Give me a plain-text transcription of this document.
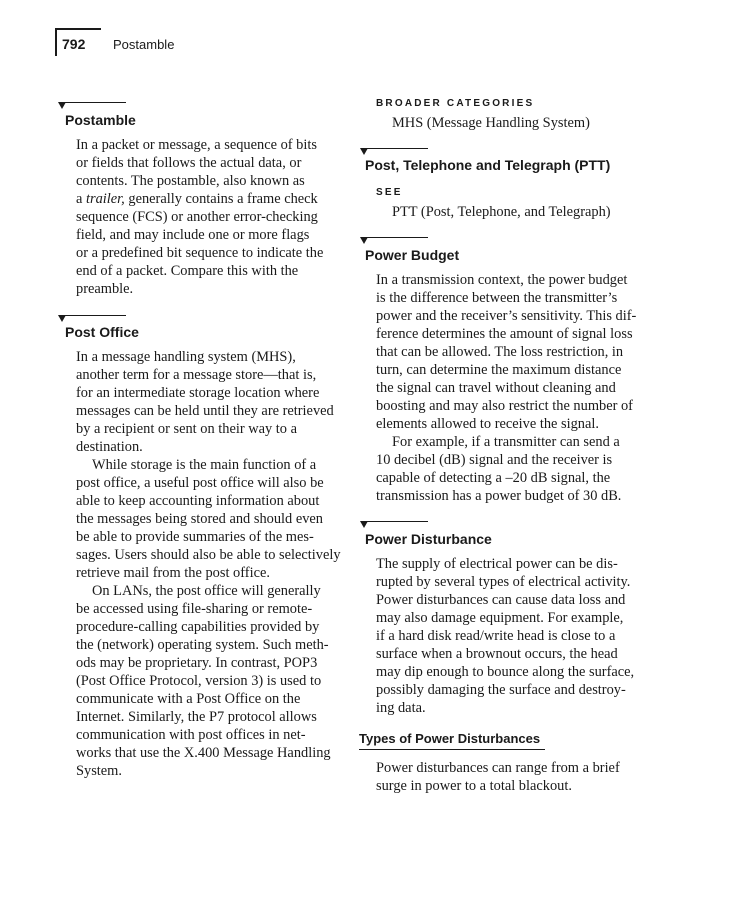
792 Postamble
Postamble
In a packet or message, a sequence of bits
or fields that follows the actual data, or
contents. The postamble, also known as
a trailer, generally contains a frame check
sequence (FCS) or another error-checking
field, and may include one or more flags
or a predefined bit sequence to indicate the
end of a packet. Compare this with the
preamble.
Post Office

In a message handling system (MHS),
another term for a message store—that is,
for an intermediate storage location where
messages can be held until they are retrieved
by a recipient or sent on their way to a
destination.

While storage is the main function of a
post office, a useful post office will also be
able to keep accounting information about
the messages being stored and should even
be able to provide summaries of the mes-
sages. Users should also be able to selectively
retrieve mail from the post office.

On LANs, the post office will generally
be accessed using file-sharing or remote-
procedure-calling capabilities provided by
the (network) operating system. Such meth-
ods may be proprietary. In contrast, POP3
(Post Office Protocol, version 3) is used to
communicate with a Post Office on the
Internet. Similarly, the P7 protocol allows
communication with post offices in net-
works that use the X.400 Message Handling
System.

BROADER CATEGORIES
MHS (Message Handling System)
Post, Telephone and Telegraph (PTT)
SEE
PTT (Post, Telephone, and Telegraph)
Power Budget

In a transmission context, the power budget
is the difference between the transmitter’s
power and the receiver’s sensitivity. This dif-
ference determines the amount of signal loss
that can be allowed. The loss restriction, in
turn, can determine the maximum distance
the signal can travel without cleaning and
boosting and may also restrict the number of
elements allowed to receive the signal.

For example, if a transmitter can send a
10 decibel (dB) signal and the receiver is
capable of detecting a –20 dB signal, the
transmission has a power budget of 30 dB.

Power Disturbance
The supply of electrical power can be dis-
rupted by several types of electrical activity.
Power disturbances can cause data loss and
may also damage equipment. For example,
if a hard disk read/write head is close to a
surface when a brownout occurs, the head
may dip enough to bounce along the surface,
possibly damaging the surface and destroy-
ing data.
Types of Power Disturbances
Power disturbances can range from a brief
surge in power to a total blackout.
